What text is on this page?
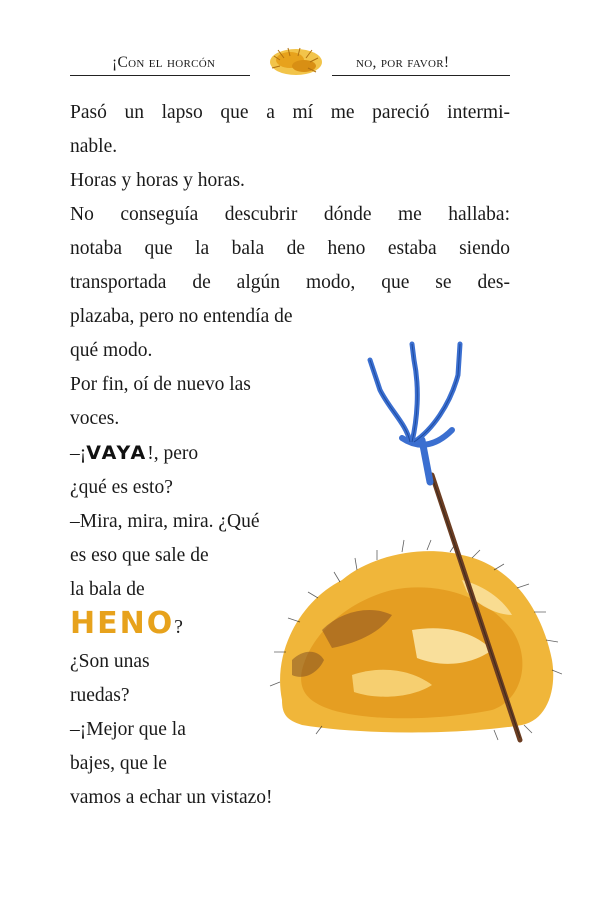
¡Con el horcón	no, por favor!
Pasó un lapso que a mí me pareció intermi-
nable.
Horas y horas y horas.
No conseguía descubrir dónde me hallaba:
notaba que la bala de heno estaba siendo
transportada de algún modo, que se des-
plazaba, pero no entendía de
qué modo.
Por fin, oí de nuevo las
voces.
–¡VAYA!, pero
¿qué es esto?
–Mira, mira, mira. ¿Qué
es eso que sale de
la bala de
HENO?
¿Son unas
ruedas?
–¡Mejor que la
bajes, que le
vamos a echar un vistazo!
